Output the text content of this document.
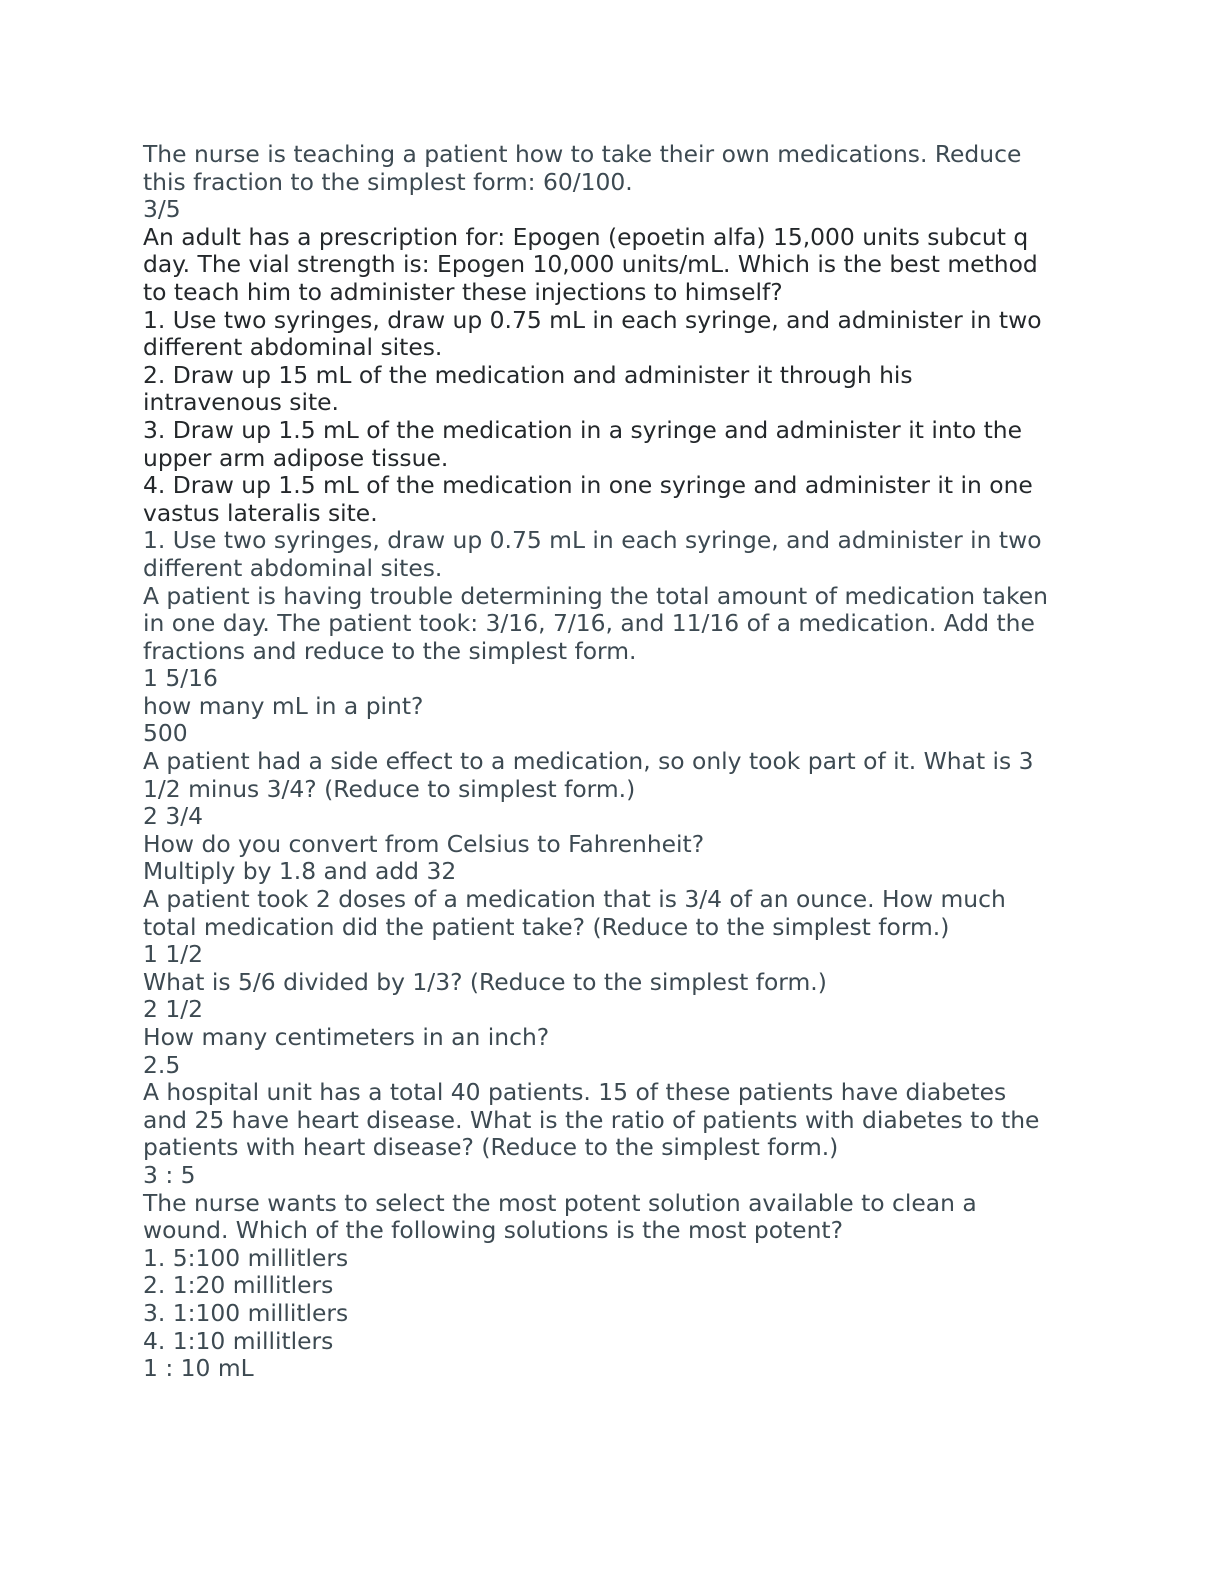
The nurse is teaching a patient how to take their own medications. Reduce
this fraction to the simplest form: 60/100.
3/5
An adult has a prescription for: Epogen (epoetin alfa) 15,000 units subcut q
day. The vial strength is: Epogen 10,000 units/mL. Which is the best method
to teach him to administer these injections to himself?
1. Use two syringes, draw up 0.75 mL in each syringe, and administer in two
different abdominal sites.
2. Draw up 15 mL of the medication and administer it through his
intravenous site.
3. Draw up 1.5 mL of the medication in a syringe and administer it into the
upper arm adipose tissue.
4. Draw up 1.5 mL of the medication in one syringe and administer it in one
vastus lateralis site.
1. Use two syringes, draw up 0.75 mL in each syringe, and administer in two
different abdominal sites.
A patient is having trouble determining the total amount of medication taken
in one day. The patient took: 3/16, 7/16, and 11/16 of a medication. Add the
fractions and reduce to the simplest form.
1 5/16
how many mL in a pint?
500
A patient had a side effect to a medication, so only took part of it. What is 3
1/2 minus 3/4? (Reduce to simplest form.)
2 3/4
How do you convert from Celsius to Fahrenheit?
Multiply by 1.8 and add 32
A patient took 2 doses of a medication that is 3/4 of an ounce. How much
total medication did the patient take? (Reduce to the simplest form.)
1 1/2
What is 5/6 divided by 1/3? (Reduce to the simplest form.)
2 1/2
How many centimeters in an inch?
2.5
A hospital unit has a total 40 patients. 15 of these patients have diabetes
and 25 have heart disease. What is the ratio of patients with diabetes to the
patients with heart disease? (Reduce to the simplest form.)
3 : 5
The nurse wants to select the most potent solution available to clean a
wound. Which of the following solutions is the most potent?
1. 5:100 millitlers
2. 1:20 millitlers
3. 1:100 millitlers
4. 1:10 millitlers
1 : 10 mL
